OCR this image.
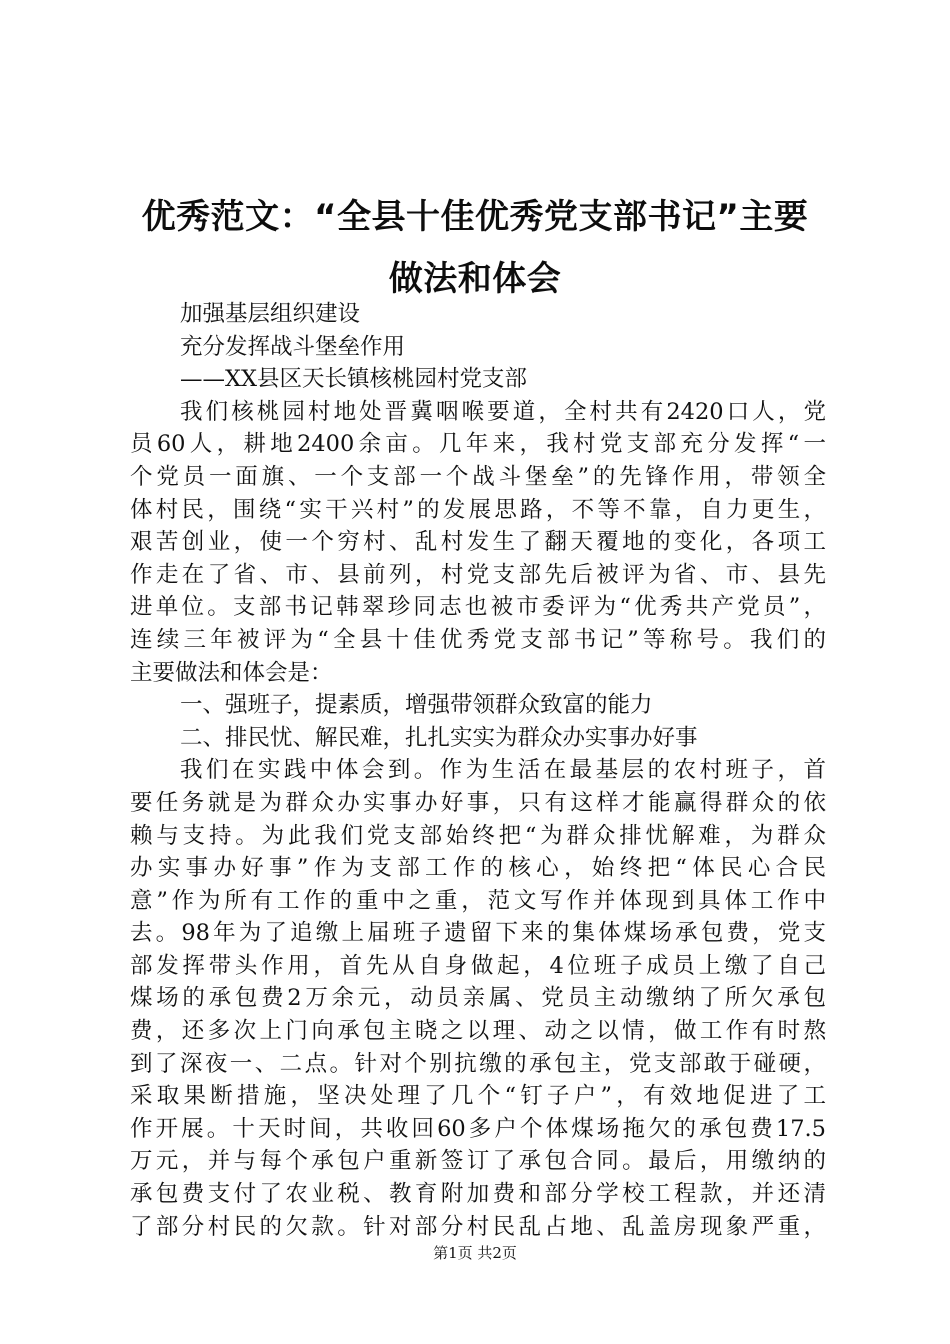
优秀范文：“全县十佳优秀党支部书记”主要
做法和体会
加强基层组织建设
充分发挥战斗堡垒作用
——XX县区天长镇核桃园村党支部
我们核桃园村地处晋冀咽喉要道，全村共有2420口人，党
员60人，耕地2400余亩。几年来，我村党支部充分发挥“一
个党员一面旗、一个支部一个战斗堡垒”的先锋作用，带领全
体村民，围绕“实干兴村”的发展思路，不等不靠，自力更生，
艰苦创业，使一个穷村、乱村发生了翻天覆地的变化，各项工
作走在了省、市、县前列，村党支部先后被评为省、市、县先
进单位。支部书记韩翠珍同志也被市委评为“优秀共产党员”，
连续三年被评为“全县十佳优秀党支部书记”等称号。我们的
主要做法和体会是：
一、强班子，提素质，增强带领群众致富的能力
二、排民忧、解民难，扎扎实实为群众办实事办好事
我们在实践中体会到。作为生活在最基层的农村班子，首
要任务就是为群众办实事办好事，只有这样才能赢得群众的依
赖与支持。为此我们党支部始终把“为群众排忧解难，为群众
办实事办好事”作为支部工作的核心，始终把“体民心合民
意”作为所有工作的重中之重，范文写作并体现到具体工作中
去。98年为了追缴上届班子遗留下来的集体煤场承包费，党支
部发挥带头作用，首先从自身做起，4位班子成员上缴了自己
煤场的承包费2万余元，动员亲属、党员主动缴纳了所欠承包
费，还多次上门向承包主晓之以理、动之以情，做工作有时熬
到了深夜一、二点。针对个别抗缴的承包主，党支部敢于碰硬，
采取果断措施，坚决处理了几个“钉子户”，有效地促进了工
作开展。十天时间，共收回60多户个体煤场拖欠的承包费17.5
万元，并与每个承包户重新签订了承包合同。最后，用缴纳的
承包费支付了农业税、教育附加费和部分学校工程款，并还清
了部分村民的欠款。针对部分村民乱占地、乱盖房现象严重，
第1页 共2页
